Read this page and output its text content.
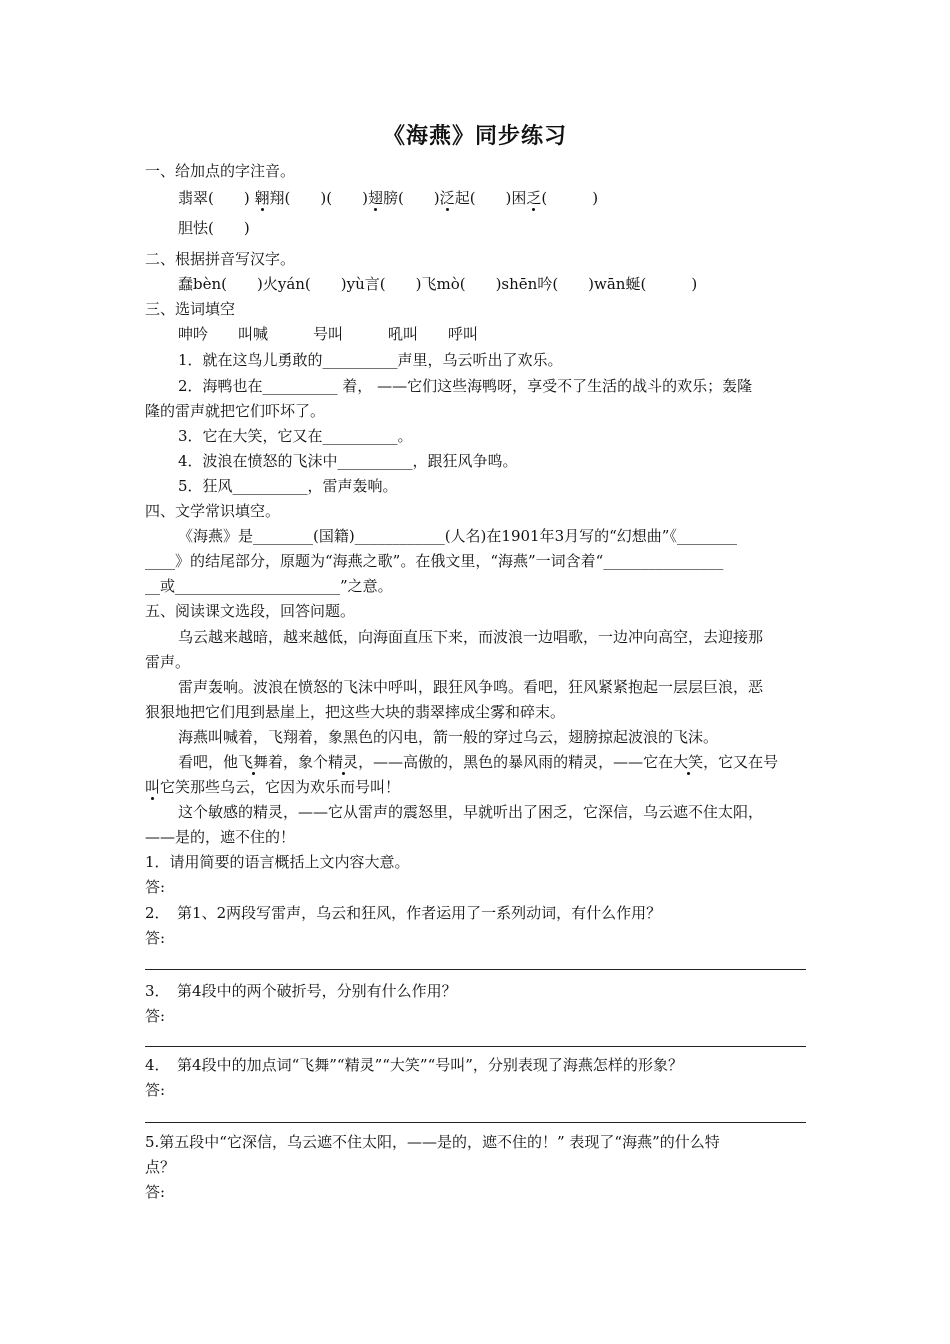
《海燕》同步练习
一、给加点的字注音。
翡翠(　　) 翱翔(　　)(　　)翅膀(　　)泛起(　　)困乏(　　　)
胆怯(　　)
二、根据拼音写汉字。
蠢bèn(　　)火yán(　　)yù言(　　)飞mò(　　)shēn吟(　　)wān蜒(　　　)
三、选词填空
呻吟　　叫喊　　　号叫　　　吼叫　　呼叫
1．就在这鸟儿勇敢的__________声里，乌云听出了欢乐。
2．海鸭也在__________ 着， ——它们这些海鸭呀，享受不了生活的战斗的欢乐；轰隆
隆的雷声就把它们吓坏了。
3．它在大笑，它又在__________。
4．波浪在愤怒的飞沫中__________，跟狂风争鸣。
5．狂风__________，雷声轰响。
四、文学常识填空。
《海燕》是________(国籍)____________(人名)在1901年3月写的“幻想曲”《________
____》的结尾部分，原题为“海燕之歌”。在俄文里，“海燕”一词含着“________________
__或______________________”之意。
五、阅读课文选段，回答问题。
乌云越来越暗，越来越低，向海面直压下来，而波浪一边唱歌，一边冲向高空，去迎接那
雷声。
雷声轰响。波浪在愤怒的飞沫中呼叫，跟狂风争鸣。看吧，狂风紧紧抱起一层层巨浪，恶
狠狠地把它们甩到悬崖上，把这些大块的翡翠摔成尘雾和碎末。
海燕叫喊着，飞翔着，象黑色的闪电，箭一般的穿过乌云，翅膀掠起波浪的飞沫。
看吧，他飞舞着，象个精灵，——高傲的，黑色的暴风雨的精灵，——它在大笑，它又在号
叫它笑那些乌云，它因为欢乐而号叫！
这个敏感的精灵，——它从雷声的震怒里，早就听出了困乏，它深信，乌云遮不住太阳，
——是的，遮不住的！
1．请用简要的语言概括上文内容大意。
答:
2．　第1、2两段写雷声，乌云和狂风，作者运用了一系列动词，有什么作用？
答:
3．　第4段中的两个破折号，分别有什么作用？
答:
4．　第4段中的加点词“飞舞”“精灵”“大笑”“号叫”，分别表现了海燕怎样的形象？
答:
5.第五段中“它深信，乌云遮不住太阳，——是的，遮不住的！” 表现了“海燕”的什么特
点？
答:
